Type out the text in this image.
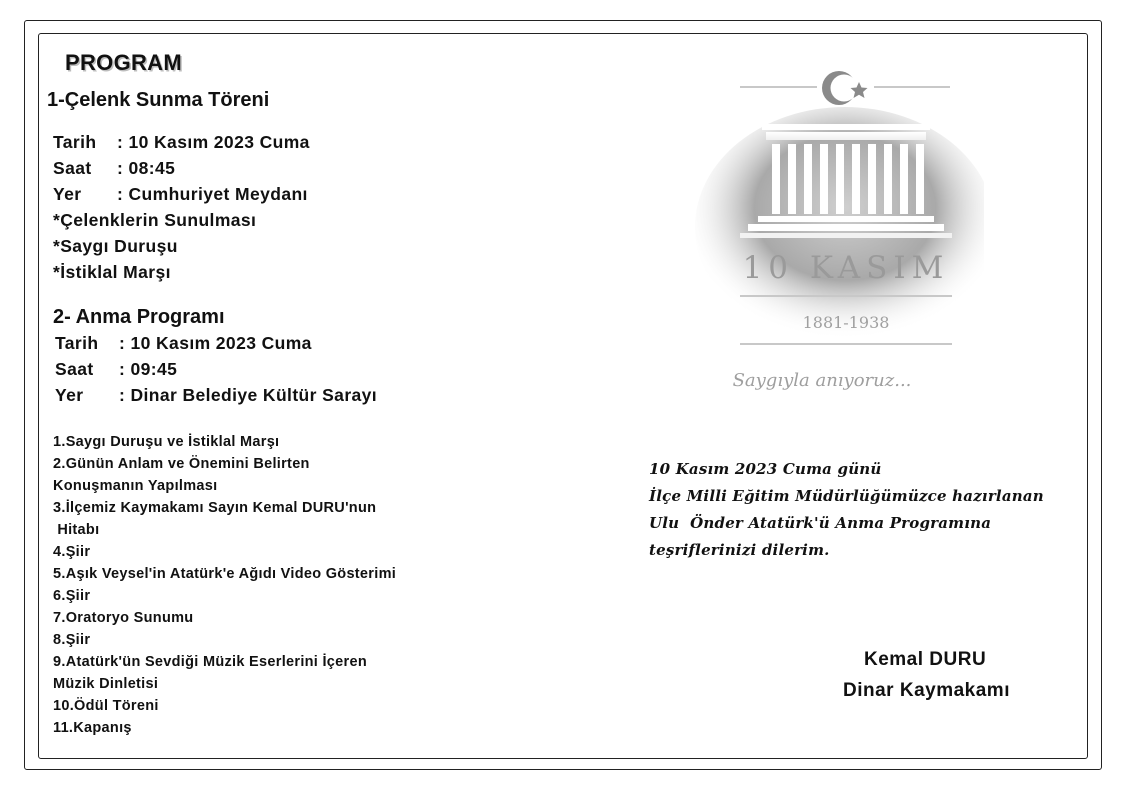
PROGRAM
1-Çelenk Sunma Töreni
Tarih : 10 Kasım 2023 Cuma
Saat : 08:45
Yer : Cumhuriyet Meydanı
*Çelenklerin Sunulması
*Saygı Duruşu
*İstiklal Marşı
2- Anma Programı
Tarih : 10 Kasım 2023 Cuma
Saat : 09:45
Yer : Dinar Belediye Kültür Sarayı
1.Saygı Duruşu ve İstiklal Marşı
2.Günün Anlam ve Önemini Belirten
Konuşmanın Yapılması
3.İlçemiz Kaymakamı Sayın Kemal DURU'nun
Hitabı
4.Şiir
5.Aşık Veysel'in Atatürk'e Ağıdı Video Gösterimi
6.Şiir
7.Oratoryo Sunumu
8.Şiir
9.Atatürk'ün Sevdiği Müzik Eserlerini İçeren
Müzik Dinletisi
10.Ödül Töreni
11.Kapanış
10 KASIM
1881-1938
Saygıyla anıyoruz...
10 Kasım 2023 Cuma günü
İlçe Milli Eğitim Müdürlüğümüzce hazırlanan
Ulu  Önder Atatürk'ü Anma Programına
teşriflerinizi dilerim.
Kemal DURU
Dinar Kaymakamı
